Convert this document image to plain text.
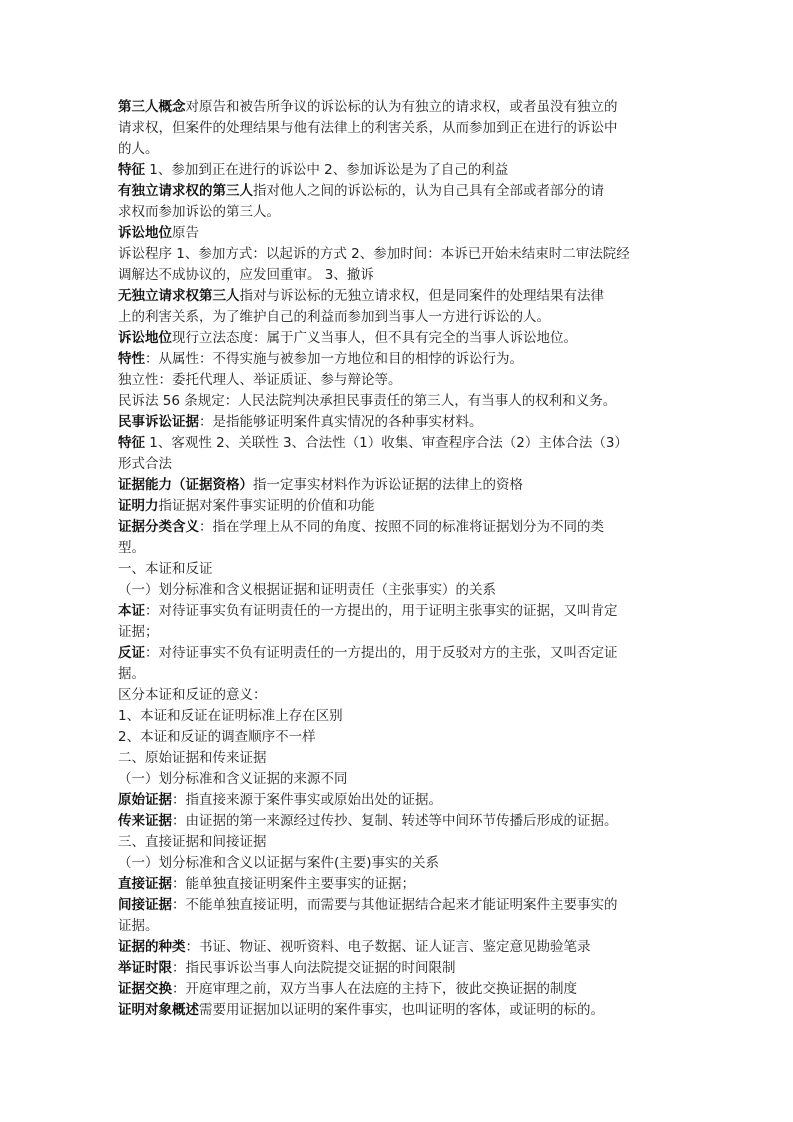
第三人概念对原告和被告所争议的诉讼标的认为有独立的请求权，或者虽没有独立的
请求权，但案件的处理结果与他有法律上的利害关系，从而参加到正在进行的诉讼中
的人。
特征 1、参加到正在进行的诉讼中 2、参加诉讼是为了自己的利益
有独立请求权的第三人指对他人之间的诉讼标的，认为自己具有全部或者部分的请
求权而参加诉讼的第三人。
诉讼地位原告
诉讼程序 1、参加方式：以起诉的方式 2、参加时间：本诉已开始未结束时二审法院经
调解达不成协议的，应发回重审。 3、撤诉
无独立请求权第三人指对与诉讼标的无独立请求权，但是同案件的处理结果有法律
上的利害关系，为了维护自己的利益而参加到当事人一方进行诉讼的人。
诉讼地位现行立法态度：属于广义当事人，但不具有完全的当事人诉讼地位。
特性：从属性：不得实施与被参加一方地位和目的相悖的诉讼行为。
独立性：委托代理人、举证质证、参与辩论等。
民诉法 56 条规定：人民法院判决承担民事责任的第三人，有当事人的权利和义务。
民事诉讼证据：是指能够证明案件真实情况的各种事实材料。
特征 1、客观性 2、关联性 3、合法性（1）收集、审查程序合法（2）主体合法（3）
形式合法
证据能力（证据资格）指一定事实材料作为诉讼证据的法律上的资格
证明力指证据对案件事实证明的价值和功能
证据分类含义：指在学理上从不同的角度、按照不同的标准将证据划分为不同的类
型。
一、本证和反证
（一）划分标准和含义根据证据和证明责任（主张事实）的关系
本证：对待证事实负有证明责任的一方提出的，用于证明主张事实的证据，又叫肯定
证据；
反证：对待证事实不负有证明责任的一方提出的，用于反驳对方的主张，又叫否定证
据。
区分本证和反证的意义：
1、本证和反证在证明标准上存在区别
2、本证和反证的调查顺序不一样
二、原始证据和传来证据
（一）划分标准和含义证据的来源不同
原始证据：指直接来源于案件事实或原始出处的证据。
传来证据：由证据的第一来源经过传抄、复制、转述等中间环节传播后形成的证据。
三、直接证据和间接证据
（一）划分标准和含义以证据与案件(主要)事实的关系
直接证据：能单独直接证明案件主要事实的证据；
间接证据：不能单独直接证明，而需要与其他证据结合起来才能证明案件主要事实的
证据。
证据的种类：书证、物证、视听资料、电子数据、证人证言、鉴定意见勘验笔录
举证时限：指民事诉讼当事人向法院提交证据的时间限制
证据交换：开庭审理之前，双方当事人在法庭的主持下，彼此交换证据的制度
证明对象概述需要用证据加以证明的案件事实，也叫证明的客体，或证明的标的。
